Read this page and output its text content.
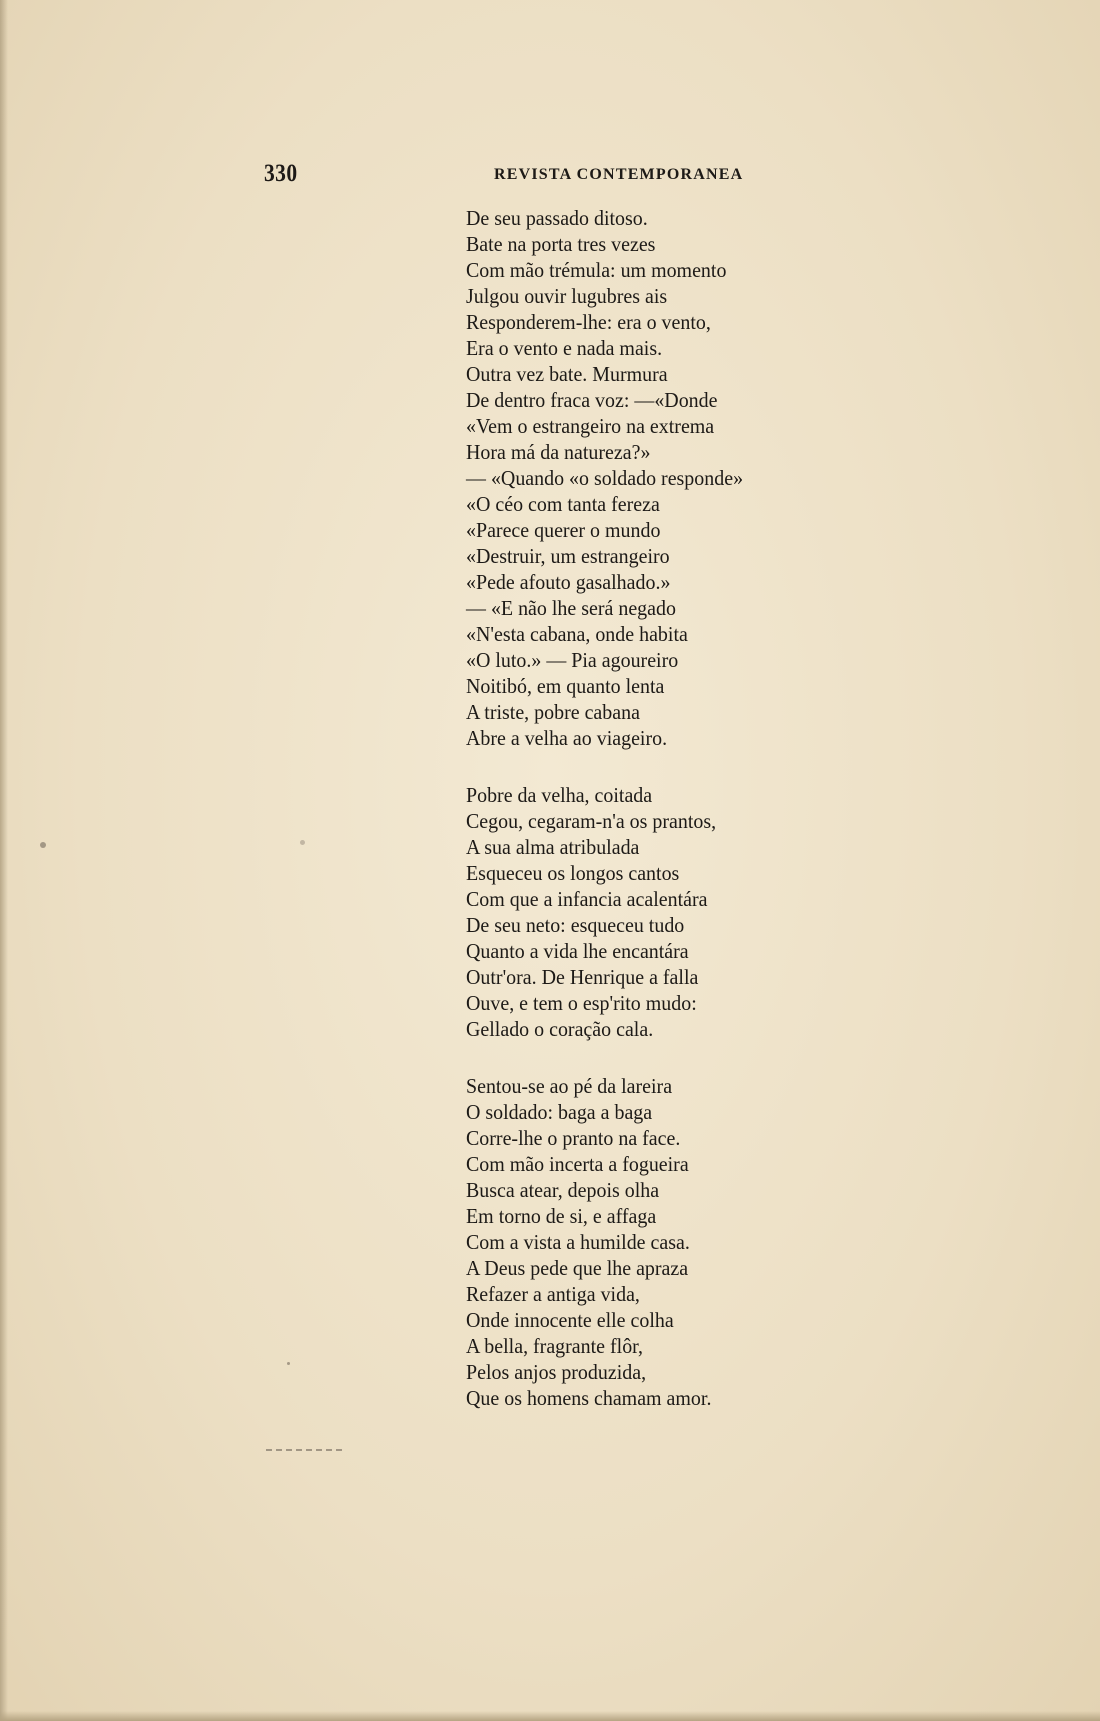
330	REVISTA CONTEMPORANEA
De seu passado ditoso.
Bate na porta tres vezes
Com mão trémula: um momento
Julgou ouvir lugubres ais
Responderem-lhe: era o vento,
Era o vento e nada mais.
Outra vez bate. Murmura
De dentro fraca voz: —«Donde
«Vem o estrangeiro na extrema
Hora má da natureza?»
— «Quando «o soldado responde»
«O céo com tanta fereza
«Parece querer o mundo
«Destruir, um estrangeiro
«Pede afouto gasalhado.»
— «E não lhe será negado
«N'esta cabana, onde habita
«O luto.» — Pia agoureiro
Noitibó, em quanto lenta
A triste, pobre cabana
Abre a velha ao viageiro.
Pobre da velha, coitada
Cegou, cegaram-n'a os prantos,
A sua alma atribulada
Esqueceu os longos cantos
Com que a infancia acalentára
De seu neto: esqueceu tudo
Quanto a vida lhe encantára
Outr'ora. De Henrique a falla
Ouve, e tem o esp'rito mudo:
Gellado o coração cala.
Sentou-se ao pé da lareira
O soldado: baga a baga
Corre-lhe o pranto na face.
Com mão incerta a fogueira
Busca atear, depois olha
Em torno de si, e affaga
Com a vista a humilde casa.
A Deus pede que lhe apraza
Refazer a antiga vida,
Onde innocente elle colha
A bella, fragrante flôr,
Pelos anjos produzida,
Que os homens chamam amor.
